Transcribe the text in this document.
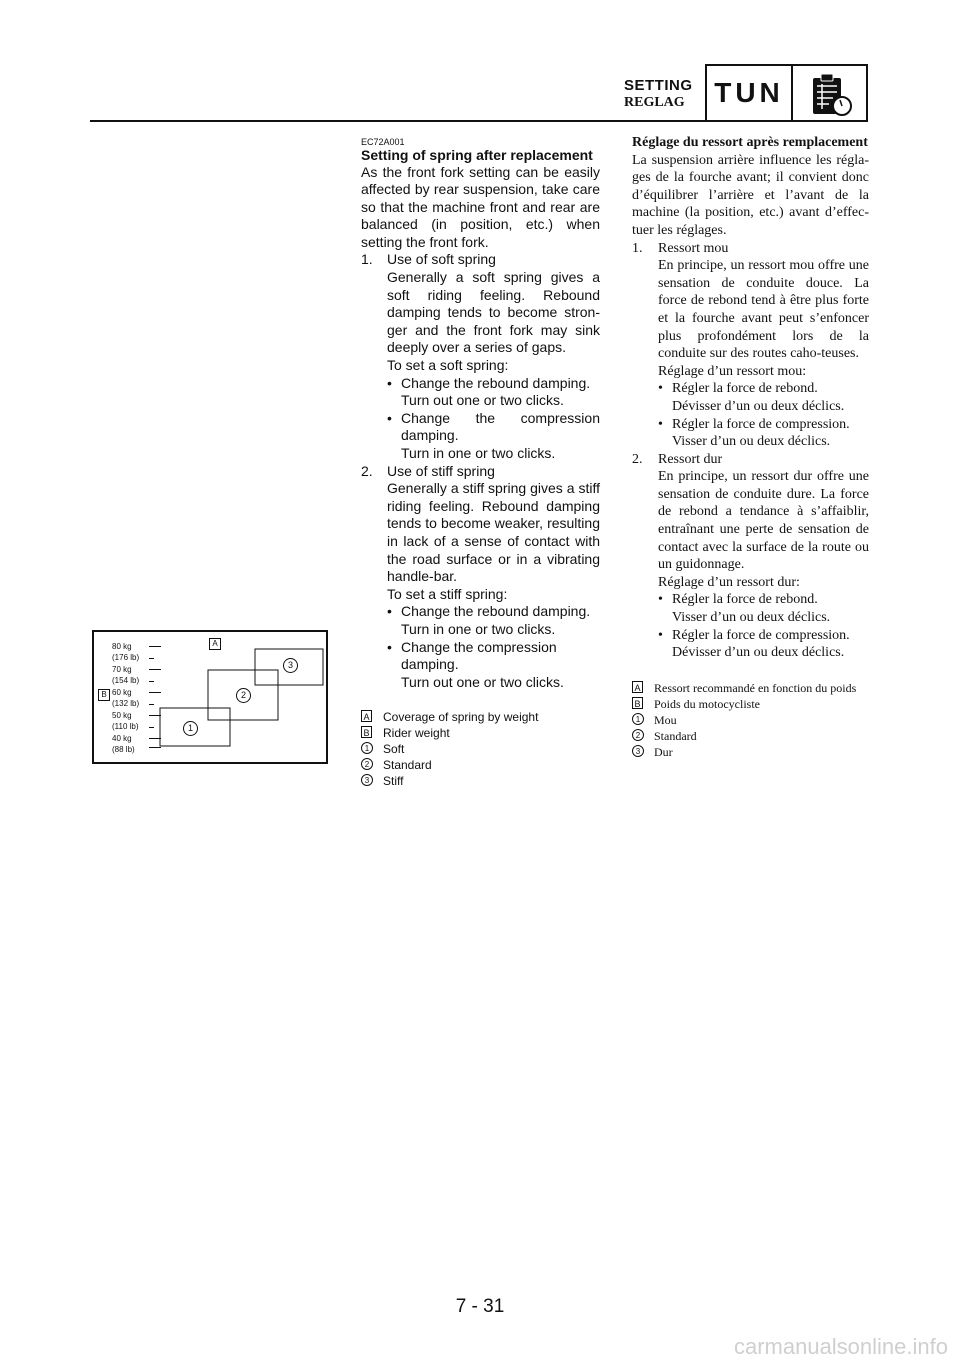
SETTING
REGLAG	TUN
EC72A001
Setting of spring after replacement
As the front fork setting can be easily affected by rear suspension, take care so that the machine front and rear are balanced (in position, etc.) when setting the front fork.
1. Use of soft spring
Generally a soft spring gives a soft riding feeling. Rebound damping tends to become stron-ger and the front fork may sink deeply over a series of gaps.
To set a soft spring:
• Change the rebound damping.
Turn out one or two clicks.
• Change the compression damping.
Turn in one or two clicks.
2. Use of stiff spring
Generally a stiff spring gives a stiff riding feeling. Rebound damping tends to become weaker, resulting in lack of a sense of contact with the road surface or in a vibrating handle-bar.
To set a stiff spring:
• Change the rebound damping.
Turn in one or two clicks.
• Change the compression damping.
Turn out one or two clicks.
A Coverage of spring by weight
B Rider weight
1	Soft
2	Standard
3	Stiff
Réglage du ressort après remplacement
La suspension arrière influence les régla-ges de la fourche avant; il convient donc d’équilibrer l’arrière et l’avant de la machine (la position, etc.) avant d’effec-tuer les réglages.
1. Ressort mou
En principe, un ressort mou offre une sensation de conduite douce. La force de rebond tend à être plus forte et la fourche avant peut s’enfoncer plus profondément lors de la conduite sur des routes caho-teuses.
Réglage d’un ressort mou:
• Régler la force de rebond.
Dévisser d’un ou deux déclics.
• Régler la force de compression.
Visser d’un ou deux déclics.
2. Ressort dur
En principe, un ressort dur offre une sensation de conduite dure. La force de rebond a tendance à s’affaiblir, entraînant une perte de sensation de contact avec la surface de la route ou un guidonnage.
Réglage d’un ressort dur:
• Régler la force de rebond.
Visser d’un ou deux déclics.
• Régler la force de compression.
Dévisser d’un ou deux déclics.
A Ressort recommandé en fonction du poids
B Poids du motocycliste
1	Mou
2	Standard
3	Dur
80 kg
(176 lb)
70 kg
(154 lb)
60 kg
(132 lb)
50 kg
(110 lb)
40 kg
(88 lb)
A
B
1
2
3
7 - 31
carmanualsonline.info
